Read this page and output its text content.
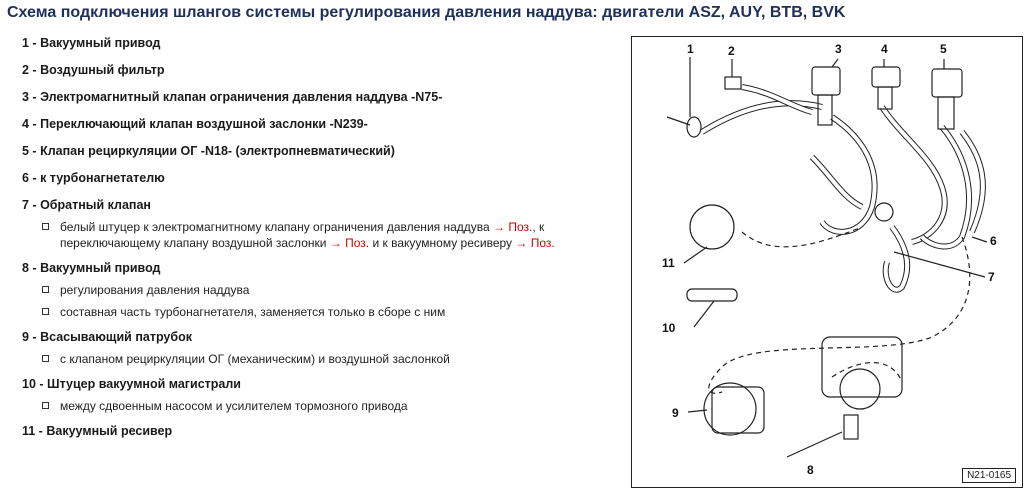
Схема подключения шлангов системы регулирования давления наддува: двигатели ASZ, AUY, BTB, BVK
1 - Вакуумный привод
2 - Воздушный фильтр
3 - Электромагнитный клапан ограничения давления наддува -N75-
4 - Переключающий клапан воздушной заслонки -N239-
5 - Клапан рециркуляции ОГ -N18- (электропневматический)
6 - к турбонагнетателю
7 - Обратный клапан
белый штуцер к электромагнитному клапану ограничения давления наддува → Поз., к
переключающему клапану воздушной заслонки → Поз. и к вакуумному ресиверу → Поз.
8 - Вакуумный привод
регулирования давления наддува
составная часть турбонагнетателя, заменяется только в сборе с ним
9 - Всасывающий патрубок
с клапаном рециркуляции ОГ (механическим) и воздушной заслонкой
10 - Штуцер вакуумной магистрали
между сдвоенным насосом и усилителем тормозного привода
11 - Вакуумный ресивер
1	2	3	4	5
6
7
8
9
10
11
N21-0165
